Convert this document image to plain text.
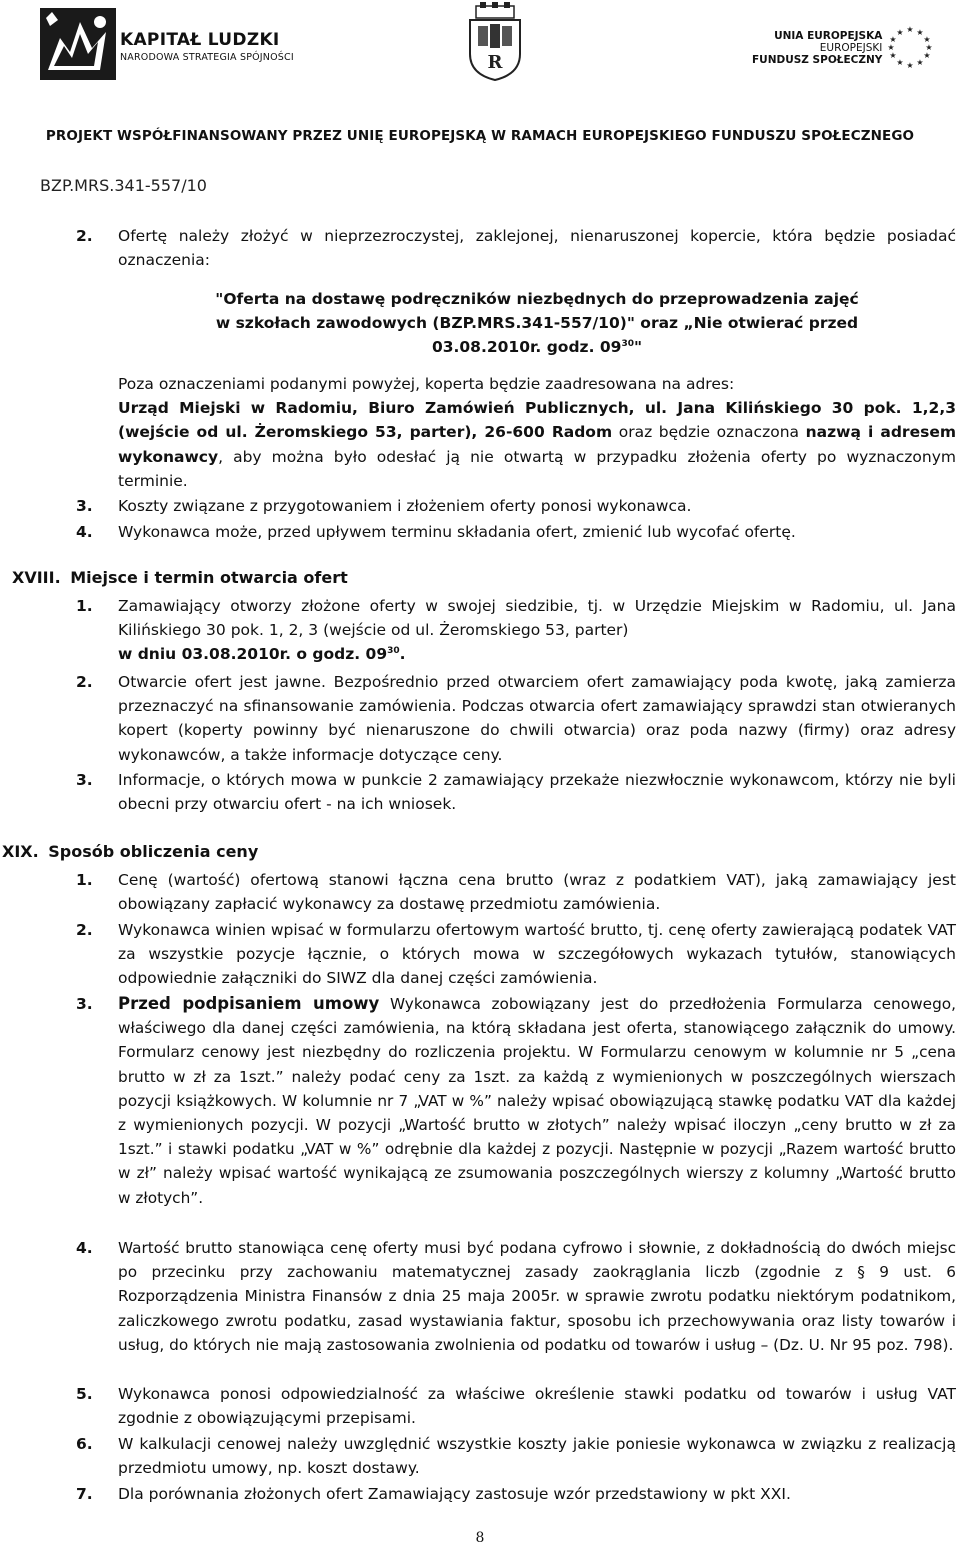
KAPITAŁ LUDZKI
NARODOWA STRATEGIA SPÓJNOŚCI	R
UNIA EUROPEJSKA
EUROPEJSKI
FUNDUSZ SPOŁECZNY
★ ★
★
★
★
★
★
★
★
★
★
★
PROJEKT WSPÓŁFINANSOWANY PRZEZ UNIĘ EUROPEJSKĄ W RAMACH EUROPEJSKIEGO FUNDUSZU SPOŁECZNEGO
BZP.MRS.341-557/10
2. Ofertę należy złożyć w nieprzezroczystej, zaklejonej, nienaruszonej kopercie, która będzie posiadać oznaczenia:
"Oferta na dostawę podręczników niezbędnych do przeprowadzenia zajęć
w szkołach zawodowych (BZP.MRS.341-557/10)" oraz „Nie otwierać przed
03.08.2010r. godz. $09^{30}$"
Poza oznaczeniami podanymi powyżej, koperta będzie zaadresowana na adres:
Urząd Miejski w Radomiu, Biuro Zamówień Publicznych, ul. Jana Kilińskiego 30 pok. 1,2,3 (wejście od ul. Żeromskiego 53, parter), 26-600 Radom oraz będzie oznaczona nazwą i adresem wykonawcy, aby można było odesłać ją nie otwartą w przypadku złożenia oferty po wyznaczonym terminie.
3. Koszty związane z przygotowaniem i złożeniem oferty ponosi wykonawca.
4. Wykonawca może, przed upływem terminu składania ofert, zmienić lub wycofać ofertę.
XVIII. Miejsce i termin otwarcia ofert
1. Zamawiający otworzy złożone oferty w swojej siedzibie, tj. w Urzędzie Miejskim w Radomiu, ul. Jana Kilińskiego 30 pok. 1, 2, 3 (wejście od ul. Żeromskiego 53, parter)
w dniu 03.08.2010r. o godz. $09^{30}$.
2. Otwarcie ofert jest jawne. Bezpośrednio przed otwarciem ofert zamawiający poda kwotę, jaką zamierza przeznaczyć na sfinansowanie zamówienia. Podczas otwarcia ofert zamawiający sprawdzi stan otwieranych kopert (koperty powinny być nienaruszone do chwili otwarcia) oraz poda nazwy (firmy) oraz adresy wykonawców, a także informacje dotyczące ceny.
3. Informacje, o których mowa w punkcie 2 zamawiający przekaże niezwłocznie wykonawcom, którzy nie byli obecni przy otwarciu ofert - na ich wniosek.
XIX. Sposób obliczenia ceny
1. Cenę (wartość) ofertową stanowi łączna cena brutto (wraz z podatkiem VAT), jaką zamawiający jest obowiązany zapłacić wykonawcy za dostawę przedmiotu zamówienia.
2. Wykonawca winien wpisać w formularzu ofertowym wartość brutto, tj. cenę oferty zawierającą podatek VAT za wszystkie pozycje łącznie, o których mowa w szczegółowych wykazach tytułów, stanowiących odpowiednie załączniki do SIWZ dla danej części zamówienia.
3. Przed podpisaniem umowy Wykonawca zobowiązany jest do przedłożenia Formularza cenowego, właściwego dla danej części zamówienia, na którą składana jest oferta, stanowiącego załącznik do umowy. Formularz cenowy jest niezbędny do rozliczenia projektu. W Formularzu cenowym w kolumnie nr 5 „cena brutto w zł za 1szt.” należy podać ceny za 1szt. za każdą z wymienionych w poszczególnych wierszach pozycji książkowych. W kolumnie nr 7 „VAT w %” należy wpisać obowiązującą stawkę podatku VAT dla każdej z wymienionych pozycji. W pozycji „Wartość brutto w złotych” należy wpisać iloczyn „ceny brutto w zł za 1szt.” i stawki podatku „VAT w %” odrębnie dla każdej z pozycji. Następnie w pozycji „Razem wartość brutto w zł” należy wpisać wartość wynikającą ze zsumowania poszczególnych wierszy z kolumny „Wartość brutto w złotych”.
4. Wartość brutto stanowiąca cenę oferty musi być podana cyfrowo i słownie, z dokładnością do dwóch miejsc po przecinku przy zachowaniu matematycznej zasady zaokrąglania liczb (zgodnie z § 9 ust. 6 Rozporządzenia Ministra Finansów z dnia 25 maja 2005r. w sprawie zwrotu podatku niektórym podatnikom, zaliczkowego zwrotu podatku, zasad wystawiania faktur, sposobu ich przechowywania oraz listy towarów i usług, do których nie mają zastosowania zwolnienia od podatku od towarów i usług – (Dz. U. Nr 95 poz. 798).
5. Wykonawca ponosi odpowiedzialność za właściwe określenie stawki podatku od towarów i usług VAT zgodnie z obowiązującymi przepisami.
6. W kalkulacji cenowej należy uwzględnić wszystkie koszty jakie poniesie wykonawca w związku z realizacją przedmiotu umowy, np. koszt dostawy.
7. Dla porównania złożonych ofert Zamawiający zastosuje wzór przedstawiony w pkt XXI.
8
